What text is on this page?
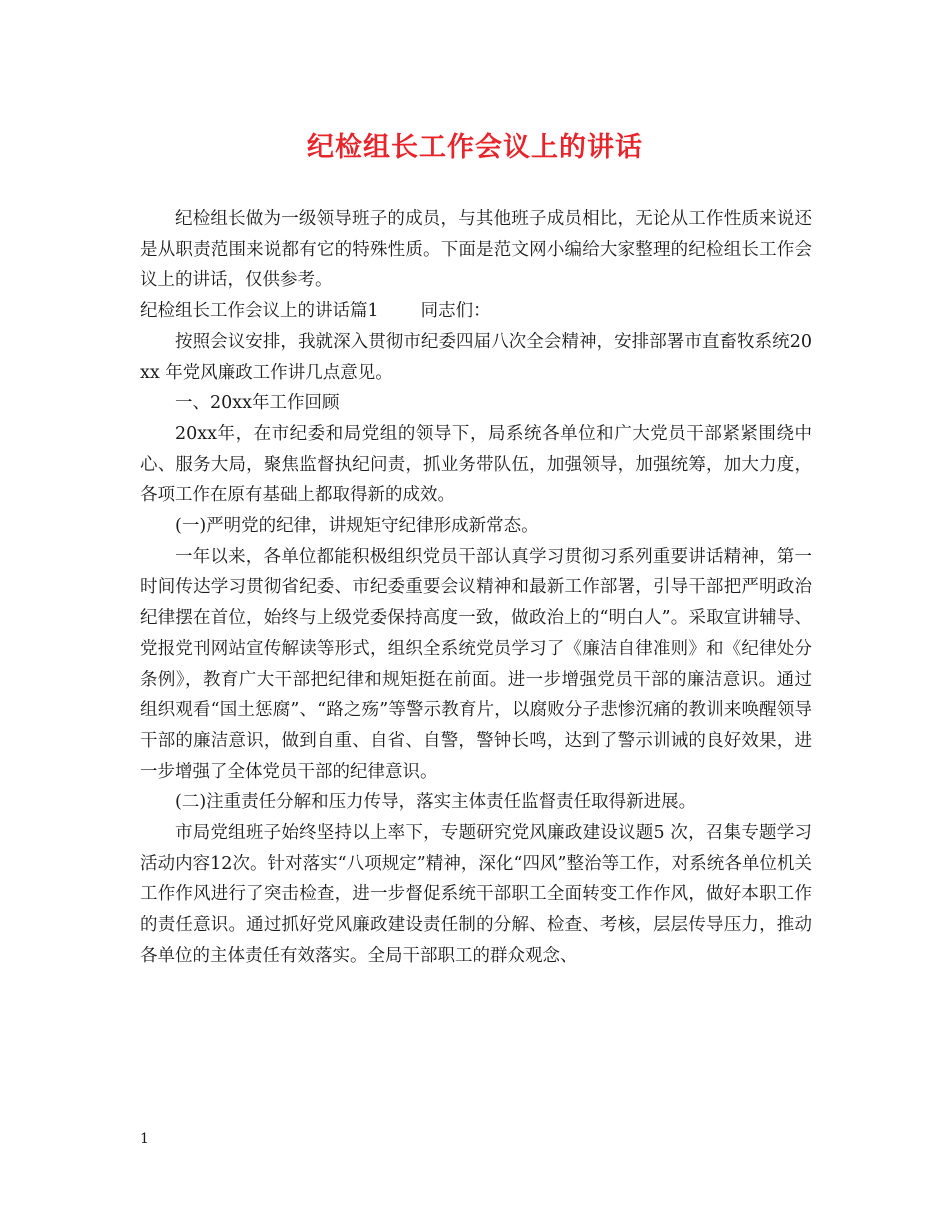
纪检组长工作会议上的讲话

纪检组长做为一级领导班子的成员，与其他班子成员相比，无论从工作性质来说还是从职责范围来说都有它的特殊性质。下面是范文网小编给大家整理的纪检组长工作会议上的讲话，仅供参考。

纪检组长工作会议上的讲话篇1 同志们：

按照会议安排，我就深入贯彻市纪委四届八次全会精神，安排部署市直畜牧系统20xx 年党风廉政工作讲几点意见。

一、20xx年工作回顾

20xx年，在市纪委和局党组的领导下，局系统各单位和广大党员干部紧紧围绕中心、服务大局，聚焦监督执纪问责，抓业务带队伍，加强领导，加强统筹，加大力度，各项工作在原有基础上都取得新的成效。

(一)严明党的纪律，讲规矩守纪律形成新常态。

一年以来，各单位都能积极组织党员干部认真学习贯彻习系列重要讲话精神，第一时间传达学习贯彻省纪委、市纪委重要会议精神和最新工作部署，引导干部把严明政治纪律摆在首位，始终与上级党委保持高度一致，做政治上的“明白人”。采取宣讲辅导、党报党刊网站宣传解读等形式，组织全系统党员学习了《廉洁自律准则》和《纪律处分条例》，教育广大干部把纪律和规矩挺在前面。进一步增强党员干部的廉洁意识。通过组织观看“国土惩腐”、“路之殇”等警示教育片，以腐败分子悲惨沉痛的教训来唤醒领导干部的廉洁意识，做到自重、自省、自警，警钟长鸣，达到了警示训诫的良好效果，进一步增强了全体党员干部的纪律意识。

(二)注重责任分解和压力传导，落实主体责任监督责任取得新进展。

市局党组班子始终坚持以上率下，专题研究党风廉政建设议题5 次，召集专题学习活动内容12次。针对落实“八项规定”精神，深化“四风”整治等工作，对系统各单位机关工作作风进行了突击检查，进一步督促系统干部职工全面转变工作作风，做好本职工作的责任意识。通过抓好党风廉政建设责任制的分解、检查、考核，层层传导压力，推动各单位的主体责任有效落实。全局干部职工的群众观念、

1
